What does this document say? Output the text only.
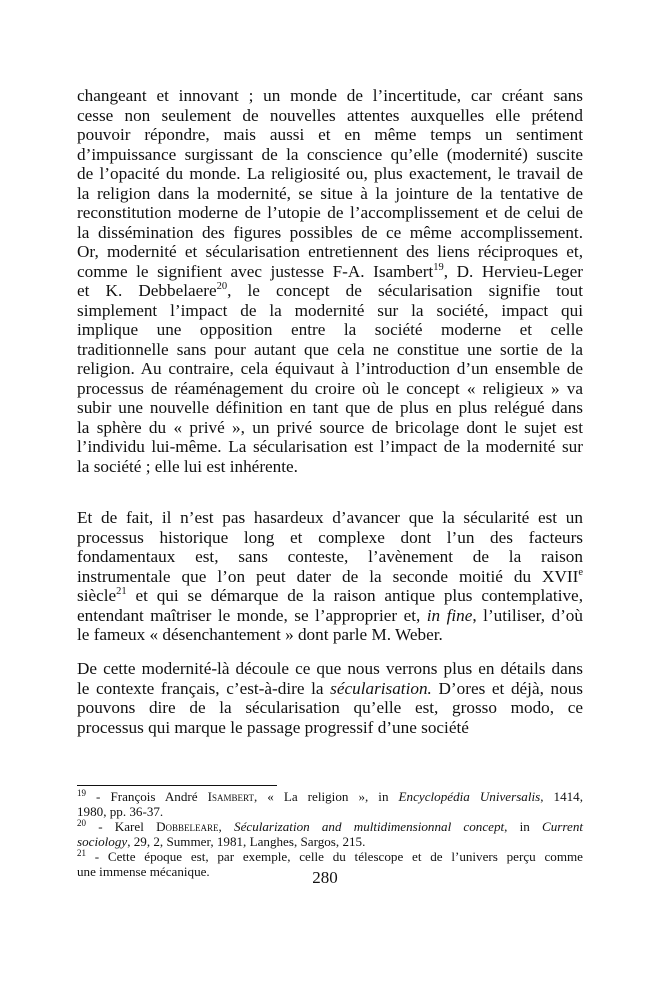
changeant et innovant ; un monde de l’incertitude, car créant sans
cesse non seulement de nouvelles attentes auxquelles elle prétend
pouvoir répondre, mais aussi et en même temps un sentiment
d’impuissance surgissant de la conscience qu’elle (modernité) suscite
de l’opacité du monde. La religiosité ou, plus exactement, le travail de
la religion dans la modernité, se situe à la jointure de la tentative de
reconstitution moderne de l’utopie de l’accomplissement et de celui de
la dissémination des figures possibles de ce même accomplissement.
Or, modernité et sécularisation entretiennent des liens réciproques et,
comme le signifient avec justesse F-A. Isambert$^{19}$, D. Hervieu-Leger
et K. Debbelaere$^{20}$, le concept de sécularisation signifie tout
simplement l’impact de la modernité sur la société, impact qui
implique une opposition entre la société moderne et celle
traditionnelle sans pour autant que cela ne constitue une sortie de la
religion. Au contraire, cela équivaut à l’introduction d’un ensemble de
processus de réaménagement du croire où le concept « religieux » va
subir une nouvelle définition en tant que de plus en plus relégué dans
la sphère du « privé », un privé source de bricolage dont le sujet est
l’individu lui-même. La sécularisation est l’impact de la modernité sur
la société ; elle lui est inhérente.
Et de fait, il n’est pas hasardeux d’avancer que la sécularité est un
processus historique long et complexe dont l’un des facteurs
fondamentaux est, sans conteste, l’avènement de la raison
instrumentale que l’on peut dater de la seconde moitié du XVIIe
siècle$^{21}$ et qui se démarque de la raison antique plus contemplative,
entendant maîtriser le monde, se l’approprier et, in fine, l’utiliser, d’où
le fameux « désenchantement » dont parle M. Weber.
De cette modernité-là découle ce que nous verrons plus en détails dans
le contexte français, c’est-à-dire la sécularisation. D’ores et déjà, nous
pouvons dire de la sécularisation qu’elle est, grosso modo, ce
processus qui marque le passage progressif d’une société
$^{19}$ - François André Isambert, « La religion », in Encyclopédia Universalis, 1414,
1980, pp. 36-37.
$^{20}$ - Karel Dobbeleare, Sécularization and multidimensionnal concept, in Current
sociology, 29, 2, Summer, 1981, Langhes, Sargos, 215.
$^{21}$ - Cette époque est, par exemple, celle du télescope et de l’univers perçu comme
une immense mécanique.	280
